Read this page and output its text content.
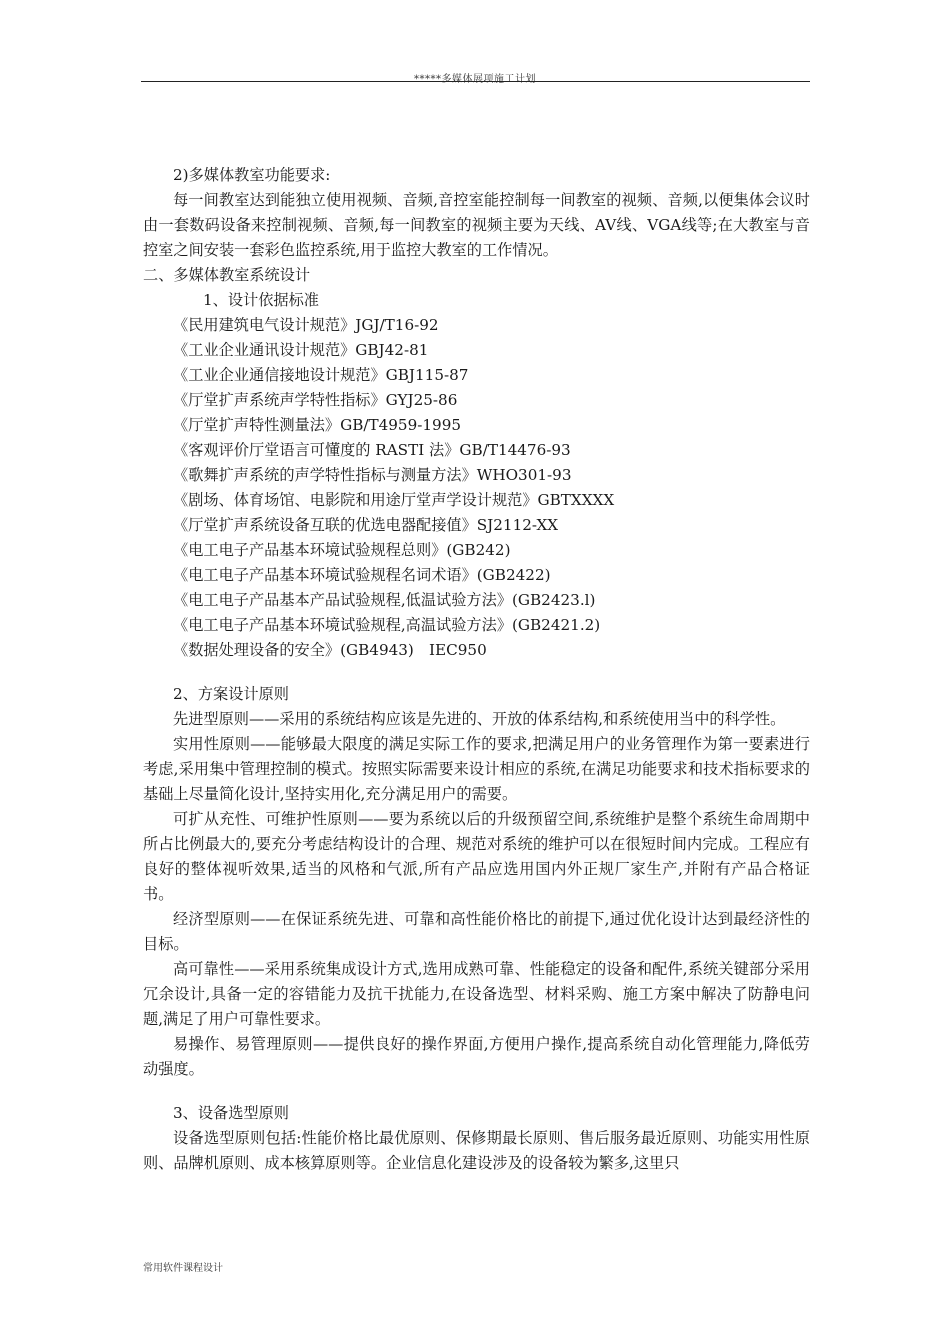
*****多媒体展项施工计划

2)多媒体教室功能要求:

每一间教室达到能独立使用视频、音频,音控室能控制每一间教室的视频、音频,以便集体会议时由一套数码设备来控制视频、音频,每一间教室的视频主要为天线、AV线、VGA线等;在大教室与音控室之间安装一套彩色监控系统,用于监控大教室的工作情况。

二、多媒体教室系统设计

1、设计依据标准

《民用建筑电气设计规范》JGJ/T16-92

《工业企业通讯设计规范》GBJ42-81

《工业企业通信接地设计规范》GBJ115-87

《厅堂扩声系统声学特性指标》GYJ25-86

《厅堂扩声特性测量法》GB/T4959-1995

《客观评价厅堂语言可懂度的 RASTI 法》GB/T14476-93

《歌舞扩声系统的声学特性指标与测量方法》WHO301-93

《剧场、体育场馆、电影院和用途厅堂声学设计规范》GBTXXXX

《厅堂扩声系统设备互联的优选电器配接值》SJ2112-XX

《电工电子产品基本环境试验规程总则》(GB242)

《电工电子产品基本环境试验规程名词术语》(GB2422)

《电工电子产品基本产品试验规程,低温试验方法》(GB2423.l)

《电工电子产品基本环境试验规程,高温试验方法》(GB2421.2)

《数据处理设备的安全》(GB4943)　IEC950

2、方案设计原则

先进型原则——采用的系统结构应该是先进的、开放的体系结构,和系统使用当中的科学性。

实用性原则——能够最大限度的满足实际工作的要求,把满足用户的业务管理作为第一要素进行考虑,采用集中管理控制的模式。按照实际需要来设计相应的系统,在满足功能要求和技术指标要求的基础上尽量简化设计,坚持实用化,充分满足用户的需要。

可扩从充性、可维护性原则——要为系统以后的升级预留空间,系统维护是整个系统生命周期中所占比例最大的,要充分考虑结构设计的合理、规范对系统的维护可以在很短时间内完成。工程应有良好的整体视听效果,适当的风格和气派,所有产品应选用国内外正规厂家生产,并附有产品合格证书。

经济型原则——在保证系统先进、可靠和高性能价格比的前提下,通过优化设计达到最经济性的目标。

高可靠性——采用系统集成设计方式,选用成熟可靠、性能稳定的设备和配件,系统关键部分采用冗余设计,具备一定的容错能力及抗干扰能力,在设备选型、材料采购、施工方案中解决了防静电问题,满足了用户可靠性要求。

易操作、易管理原则——提供良好的操作界面,方便用户操作,提高系统自动化管理能力,降低劳动强度。

3、设备选型原则

设备选型原则包括:性能价格比最优原则、保修期最长原则、售后服务最近原则、功能实用性原则、品牌机原则、成本核算原则等。企业信息化建设涉及的设备较为繁多,这里只

常用软件课程设计
